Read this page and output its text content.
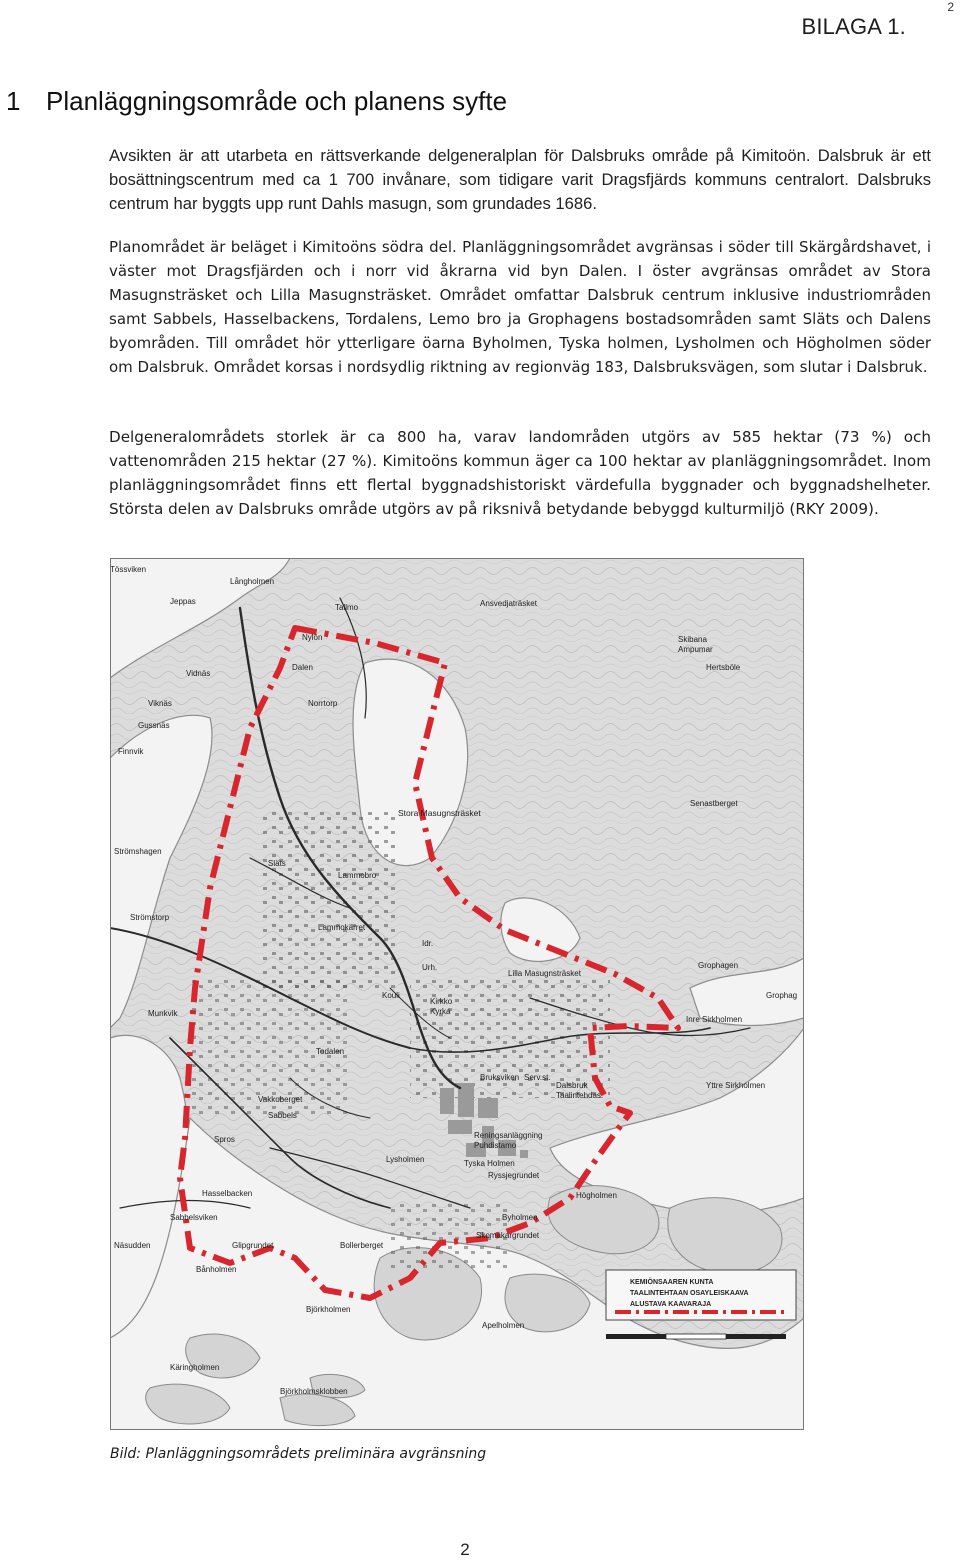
2
BILAGA 1.
1 Planläggningsområde och planens syfte

Avsikten är att utarbeta en rättsverkande delgeneralplan för Dalsbruks område på Kimitoön. Dalsbruk är ett bosättningscentrum med ca 1 700 invånare, som tidigare varit Dragsfjärds kommuns centralort. Dalsbruks centrum har byggts upp runt Dahls masugn, som grundades 1686.

Planområdet är beläget i Kimitoöns södra del. Planläggningsområdet avgränsas i söder till Skärgårdshavet, i väster mot Dragsfjärden och i norr vid åkrarna vid byn Dalen. I öster avgränsas området av Stora Masugnsträsket och Lilla Masugnsträsket. Området omfattar Dalsbruk centrum inklusive industriområden samt Sabbels, Hasselbackens, Tordalens, Lemo bro ja Grophagens bostadsområden samt Släts och Dalens byområden. Till området hör ytterligare öarna Byholmen, Tyska holmen, Lysholmen och Högholmen söder om Dalsbruk. Området korsas i nordsydlig riktning av regionväg 183, Dalsbruksvägen, som slutar i Dalsbruk.

Delgeneralområdets storlek är ca 800 ha, varav landområden utgörs av 585 hektar (73 %) och vattenområden 215 hektar (27 %). Kimitoöns kommun äger ca 100 hektar av planläggningsområdet. Inom planläggningsområdet finns ett flertal byggnadshistoriskt värdefulla byggnader och byggnadshelheter. Största delen av Dalsbruks område utgörs av på riksnivå betydande bebyggd kulturmiljö (RKY 2009).

Tössviken
Jeppas
Långholmen
Tallmo	Ansvedjaträsket
Nylön	Skibana
Ampumar
Hertsböle
Dalen
Vidnäs
Norrtorp
Viknäs
Gussnäs
Finnvik
Stora Masugnsträsket
Senastberget
Strömshagen
Släts
Lammobro
Strömstorp
Lammokärret
Idr.
Urh.	Grophagen
Lilla Masugnsträsket
Kouli
Kirkko
Kyrka
Grophag
Munkvik
Todalen
Inre Sirkholmen
Serv.st.
Dalsbruk
Taalintehdas
Bruksviken
Yttre Sirkholmen
Vakkoberget
Sabbels
Spros	Reningsanläggning
Puhdistamo
Lysholmen	Tyska Holmen
Ryssjegrundet
Hasselbacken	Högholmen
Sabbelsviken	Byholmen
Skomakargrundet
Näsudden	Glipgrundet	Bollerberget
Bånholmen
Björkholmen
Apelholmen
Käringholmen
Björkholmsklobben
KEMIÖNSAAREN KUNTA
TAALINTEHTAAN OSAYLEISKAAVA
ALUSTAVA KAAVARAJA
Bild: Planläggningsområdets preliminära avgränsning
2
